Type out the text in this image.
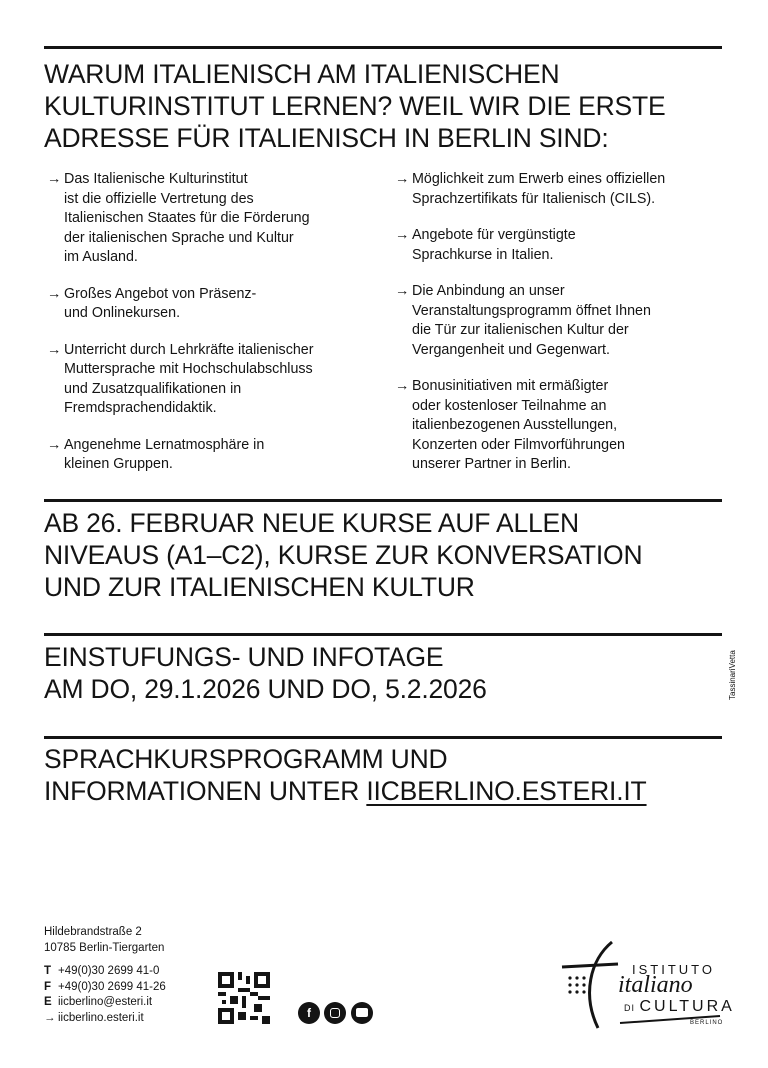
WARUM ITALIENISCH AM ITALIENISCHEN
KULTURINSTITUT LERNEN? WEIL WIR DIE ERSTE
ADRESSE FÜR ITALIENISCH IN BERLIN SIND:
→ Das Italienische Kulturinstitut
ist die offizielle Vertretung des
Italienischen Staates für die Förderung
der italienischen Sprache und Kultur
im Ausland.
→ Großes Angebot von Präsenz-
und Onlinekursen.
→ Unterricht durch Lehrkräfte italienischer
Muttersprache mit Hochschulabschluss
und Zusatzqualifikationen in
Fremdsprachendidaktik.
→ Angenehme Lernatmosphäre in
kleinen Gruppen.
→ Möglichkeit zum Erwerb eines offiziellen
Sprachzertifikats für Italienisch (CILS).
→ Angebote für vergünstigte
Sprachkurse in Italien.
→ Die Anbindung an unser
Veranstaltungsprogramm öffnet Ihnen
die Tür zur italienischen Kultur der
Vergangenheit und Gegenwart.
→ Bonusinitiativen mit ermäßigter
oder kostenloser Teilnahme an
italienbezogenen Ausstellungen,
Konzerten oder Filmvorführungen
unserer Partner in Berlin.
AB 26. FEBRUAR NEUE KURSE AUF ALLEN
NIVEAUS (A1–C2), KURSE ZUR KONVERSATION
UND ZUR ITALIENISCHEN KULTUR
EINSTUFUNGS- UND INFOTAGE
AM DO, 29.1.2026 UND DO, 5.2.2026
SPRACHKURSPROGRAMM UND
INFORMATIONEN UNTER IICBERLINO.ESTERI.IT
TassinariVetta
Hildebrandstraße 2
10785 Berlin-Tiergarten
T +49(0)30 2699 41-0
F +49(0)30 2699 41-26
E iicberlino@esteri.it
→ iicberlino.esteri.it	f
ISTITUTO
italiano
DI CULTURA
BERLINO
